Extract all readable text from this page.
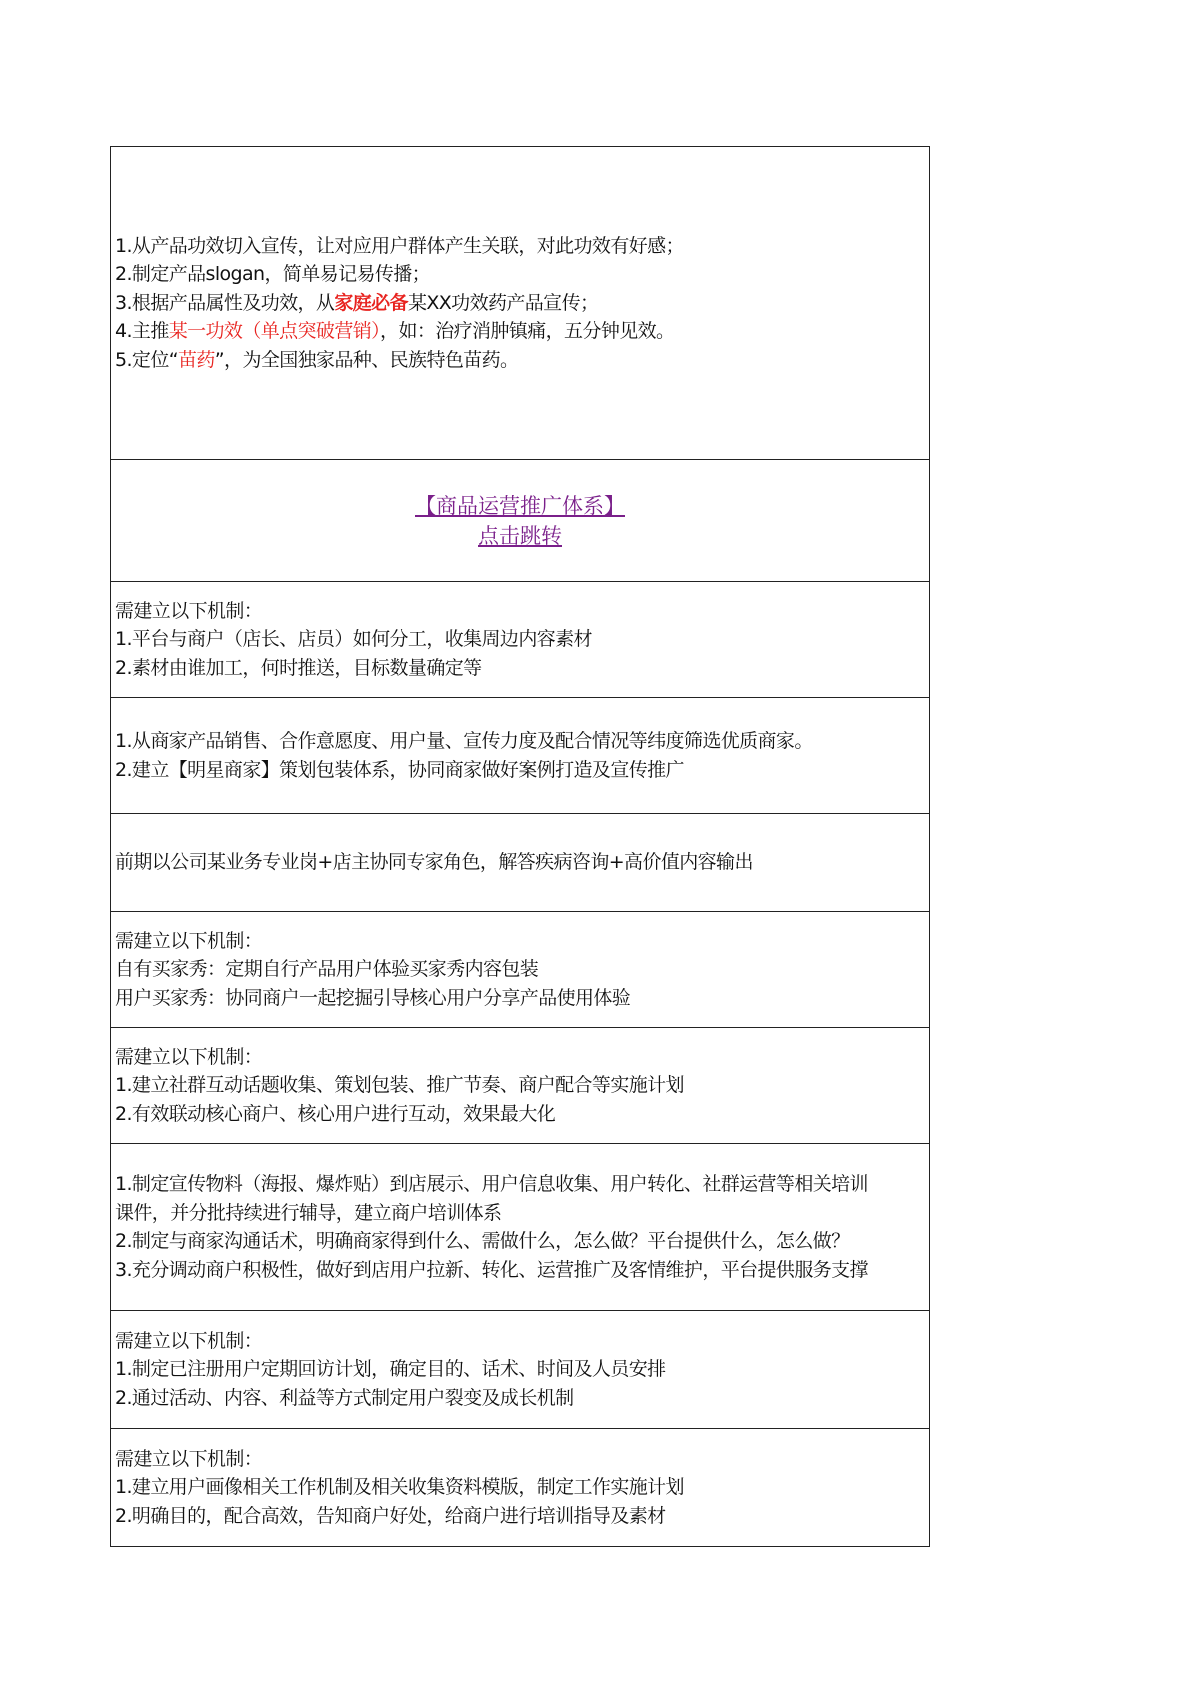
1.从产品功效切入宣传，让对应用户群体产生关联，对此功效有好感；
2.制定产品slogan，简单易记易传播；
3.根据产品属性及功效，从家庭必备某XX功效药产品宣传；
4.主推某一功效（单点突破营销），如：治疗消肿镇痛，五分钟见效。
5.定位“苗药”，为全国独家品种、民族特色苗药。
【商品运营推广体系】
点击跳转
需建立以下机制：
1.平台与商户（店长、店员）如何分工，收集周边内容素材
2.素材由谁加工，何时推送，目标数量确定等
1.从商家产品销售、合作意愿度、用户量、宣传力度及配合情况等纬度筛选优质商家。
2.建立【明星商家】策划包装体系，协同商家做好案例打造及宣传推广
前期以公司某业务专业岗+店主协同专家角色，解答疾病咨询+高价值内容输出
需建立以下机制：
自有买家秀：定期自行产品用户体验买家秀内容包装
用户买家秀：协同商户一起挖掘引导核心用户分享产品使用体验
需建立以下机制：
1.建立社群互动话题收集、策划包装、推广节奏、商户配合等实施计划
2.有效联动核心商户、核心用户进行互动，效果最大化
1.制定宣传物料（海报、爆炸贴）到店展示、用户信息收集、用户转化、社群运营等相关培训
课件，并分批持续进行辅导，建立商户培训体系
2.制定与商家沟通话术，明确商家得到什么、需做什么，怎么做？平台提供什么，怎么做？
3.充分调动商户积极性，做好到店用户拉新、转化、运营推广及客情维护，平台提供服务支撑
需建立以下机制：
1.制定已注册用户定期回访计划，确定目的、话术、时间及人员安排
2.通过活动、内容、利益等方式制定用户裂变及成长机制
需建立以下机制：
1.建立用户画像相关工作机制及相关收集资料模版，制定工作实施计划
2.明确目的，配合高效，告知商户好处，给商户进行培训指导及素材
